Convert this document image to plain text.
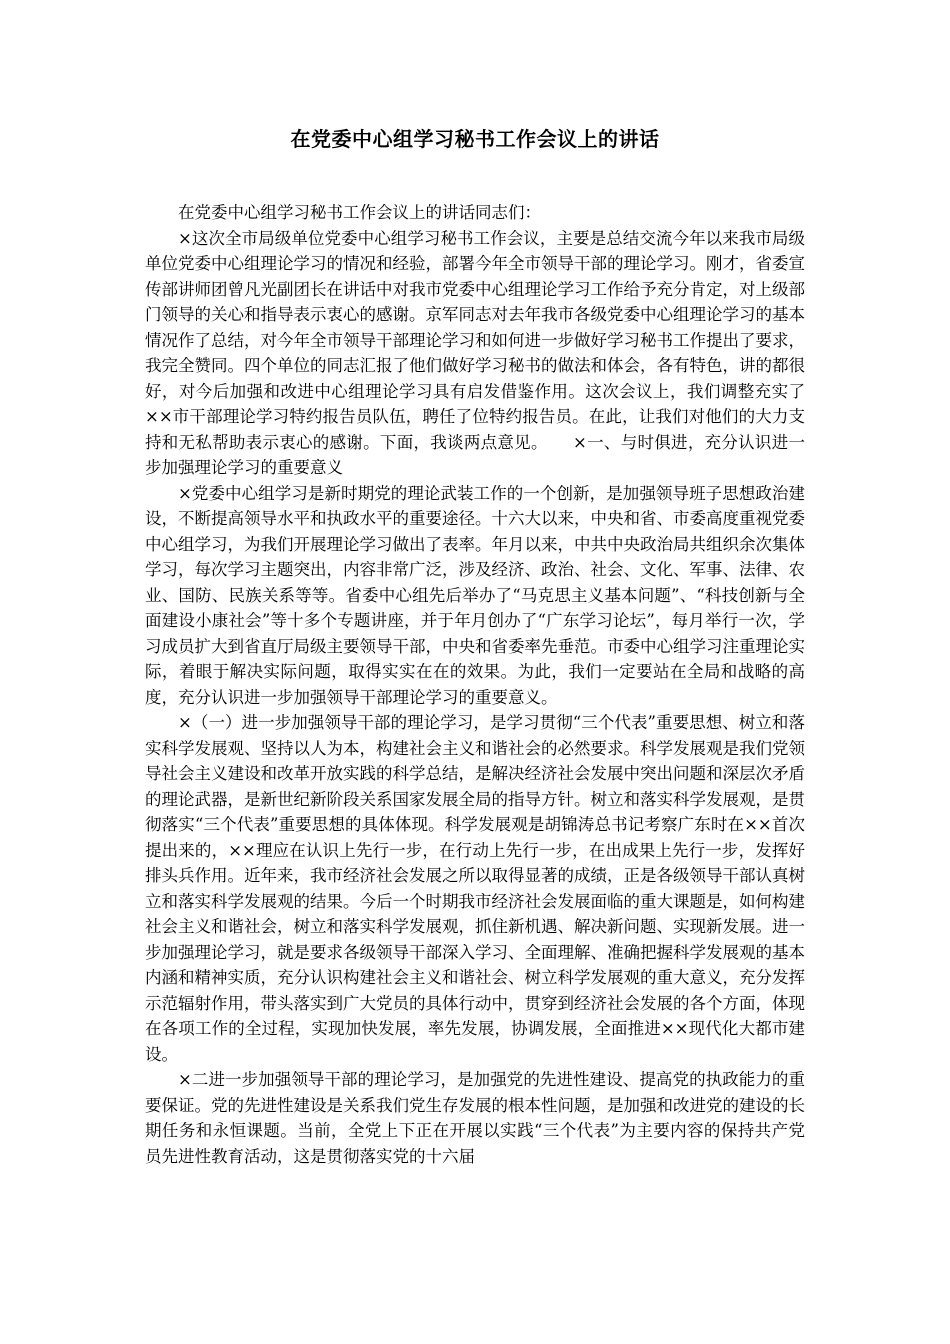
在党委中心组学习秘书工作会议上的讲话

在党委中心组学习秘书工作会议上的讲话同志们：

×这次全市局级单位党委中心组学习秘书工作会议，主要是总结交流今年以来我市局级单位党委中心组理论学习的情况和经验，部署今年全市领导干部的理论学习。刚才，省委宣传部讲师团曾凡光副团长在讲话中对我市党委中心组理论学习工作给予充分肯定，对上级部门领导的关心和指导表示衷心的感谢。京军同志对去年我市各级党委中心组理论学习的基本情况作了总结，对今年全市领导干部理论学习和如何进一步做好学习秘书工作提出了要求，我完全赞同。四个单位的同志汇报了他们做好学习秘书的做法和体会，各有特色，讲的都很好，对今后加强和改进中心组理论学习具有启发借鉴作用。这次会议上，我们调整充实了××市干部理论学习特约报告员队伍，聘任了位特约报告员。在此，让我们对他们的大力支持和无私帮助表示衷心的感谢。下面，我谈两点意见。　　×一、与时俱进，充分认识进一步加强理论学习的重要意义

×党委中心组学习是新时期党的理论武装工作的一个创新，是加强领导班子思想政治建设，不断提高领导水平和执政水平的重要途径。十六大以来，中央和省、市委高度重视党委中心组学习，为我们开展理论学习做出了表率。年月以来，中共中央政治局共组织余次集体学习，每次学习主题突出，内容非常广泛，涉及经济、政治、社会、文化、军事、法律、农业、国防、民族关系等等。省委中心组先后举办了“马克思主义基本问题”、“科技创新与全面建设小康社会”等十多个专题讲座，并于年月创办了“广东学习论坛”，每月举行一次，学习成员扩大到省直厅局级主要领导干部，中央和省委率先垂范。市委中心组学习注重理论实际，着眼于解决实际问题，取得实实在在的效果。为此，我们一定要站在全局和战略的高度，充分认识进一步加强领导干部理论学习的重要意义。

×（一）进一步加强领导干部的理论学习，是学习贯彻“三个代表”重要思想、树立和落实科学发展观、坚持以人为本，构建社会主义和谐社会的必然要求。科学发展观是我们党领导社会主义建设和改革开放实践的科学总结，是解决经济社会发展中突出问题和深层次矛盾的理论武器，是新世纪新阶段关系国家发展全局的指导方针。树立和落实科学发展观，是贯彻落实“三个代表”重要思想的具体体现。科学发展观是胡锦涛总书记考察广东时在××首次提出来的，××理应在认识上先行一步，在行动上先行一步，在出成果上先行一步，发挥好排头兵作用。近年来，我市经济社会发展之所以取得显著的成绩，正是各级领导干部认真树立和落实科学发展观的结果。今后一个时期我市经济社会发展面临的重大课题是，如何构建社会主义和谐社会，树立和落实科学发展观，抓住新机遇、解决新问题、实现新发展。进一步加强理论学习，就是要求各级领导干部深入学习、全面理解、准确把握科学发展观的基本内涵和精神实质，充分认识构建社会主义和谐社会、树立科学发展观的重大意义，充分发挥示范辐射作用，带头落实到广大党员的具体行动中，贯穿到经济社会发展的各个方面，体现在各项工作的全过程，实现加快发展，率先发展，协调发展，全面推进××现代化大都市建设。

×二进一步加强领导干部的理论学习，是加强党的先进性建设、提高党的执政能力的重要保证。党的先进性建设是关系我们党生存发展的根本性问题，是加强和改进党的建设的长期任务和永恒课题。当前，全党上下正在开展以实践“三个代表”为主要内容的保持共产党员先进性教育活动，这是贯彻落实党的十六届
